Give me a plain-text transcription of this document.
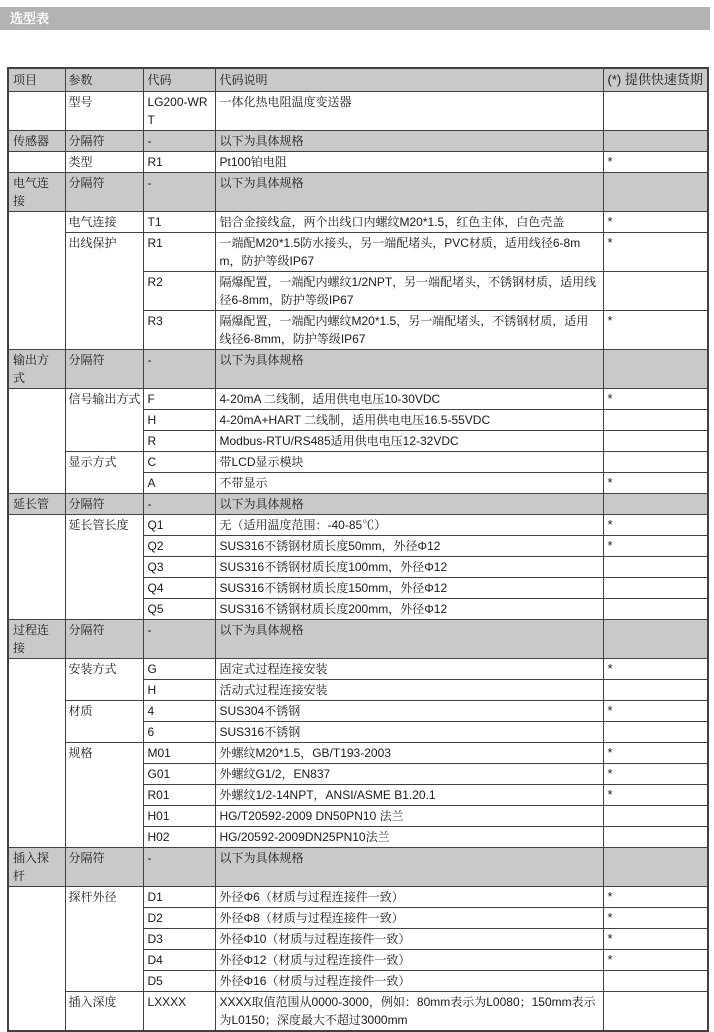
选型表
项目	参数	代码	代码说明	(*) 提供快速货期
	型号	LG200-WRT	一体化热电阻温度变送器	
传感器	分隔符	-	以下为具体规格	
	类型	R1	Pt100铂电阻	*
电气连接	分隔符	-	以下为具体规格	
	电气连接	T1	铝合金接线盒，两个出线口内螺纹M20*1.5，红色主体，白色壳盖	*
	出线保护	R1	一端配M20*1.5防水接头，另一端配堵头，PVC材质，适用线径6-8mm，防护等级IP67	*
		R2	隔爆配置，一端配内螺纹1/2NPT，另一端配堵头，不锈钢材质，适用线径6-8mm，防护等级IP67	
		R3	隔爆配置，一端配内螺纹M20*1.5，另一端配堵头，不锈钢材质，适用线径6-8mm，防护等级IP67	*
输出方式	分隔符	-	以下为具体规格	
	信号输出方式	F	4-20mA 二线制，适用供电电压10-30VDC	*
		H	4-20mA+HART 二线制，适用供电电压16.5-55VDC	
		R	Modbus-RTU/RS485适用供电电压12-32VDC	
	显示方式	C	带LCD显示模块	
		A	不带显示	*
延长管	分隔符	-	以下为具体规格	
	延长管长度	Q1	无（适用温度范围：-40-85℃）	*
		Q2	SUS316不锈钢材质长度50mm，外径Φ12	*
		Q3	SUS316不锈钢材质长度100mm，外径Φ12	
		Q4	SUS316不锈钢材质长度150mm，外径Φ12	
		Q5	SUS316不锈钢材质长度200mm，外径Φ12	
过程连接	分隔符	-	以下为具体规格	
	安装方式	G	固定式过程连接安装	*
		H	活动式过程连接安装	
	材质	4	SUS304不锈钢	*
		6	SUS316不锈钢	
	规格	M01	外螺纹M20*1.5，GB/T193-2003	*
		G01	外螺纹G1/2，EN837	*
		R01	外螺纹1/2-14NPT，ANSI/ASME B1.20.1	*
		H01	HG/T20592-2009 DN50PN10 法兰	
		H02	HG/20592-2009DN25PN10法兰	
插入探杆	分隔符	-	以下为具体规格	
	探杆外径	D1	外径Φ6（材质与过程连接件一致）	*
		D2	外径Φ8（材质与过程连接件一致）	*
		D3	外径Φ10（材质与过程连接件一致）	*
		D4	外径Φ12（材质与过程连接件一致）	*
		D5	外径Φ16（材质与过程连接件一致）	
	插入深度	LXXXX	XXXX取值范围从0000-3000，例如：80mm表示为L0080；150mm表示为L0150；深度最大不超过3000mm	
